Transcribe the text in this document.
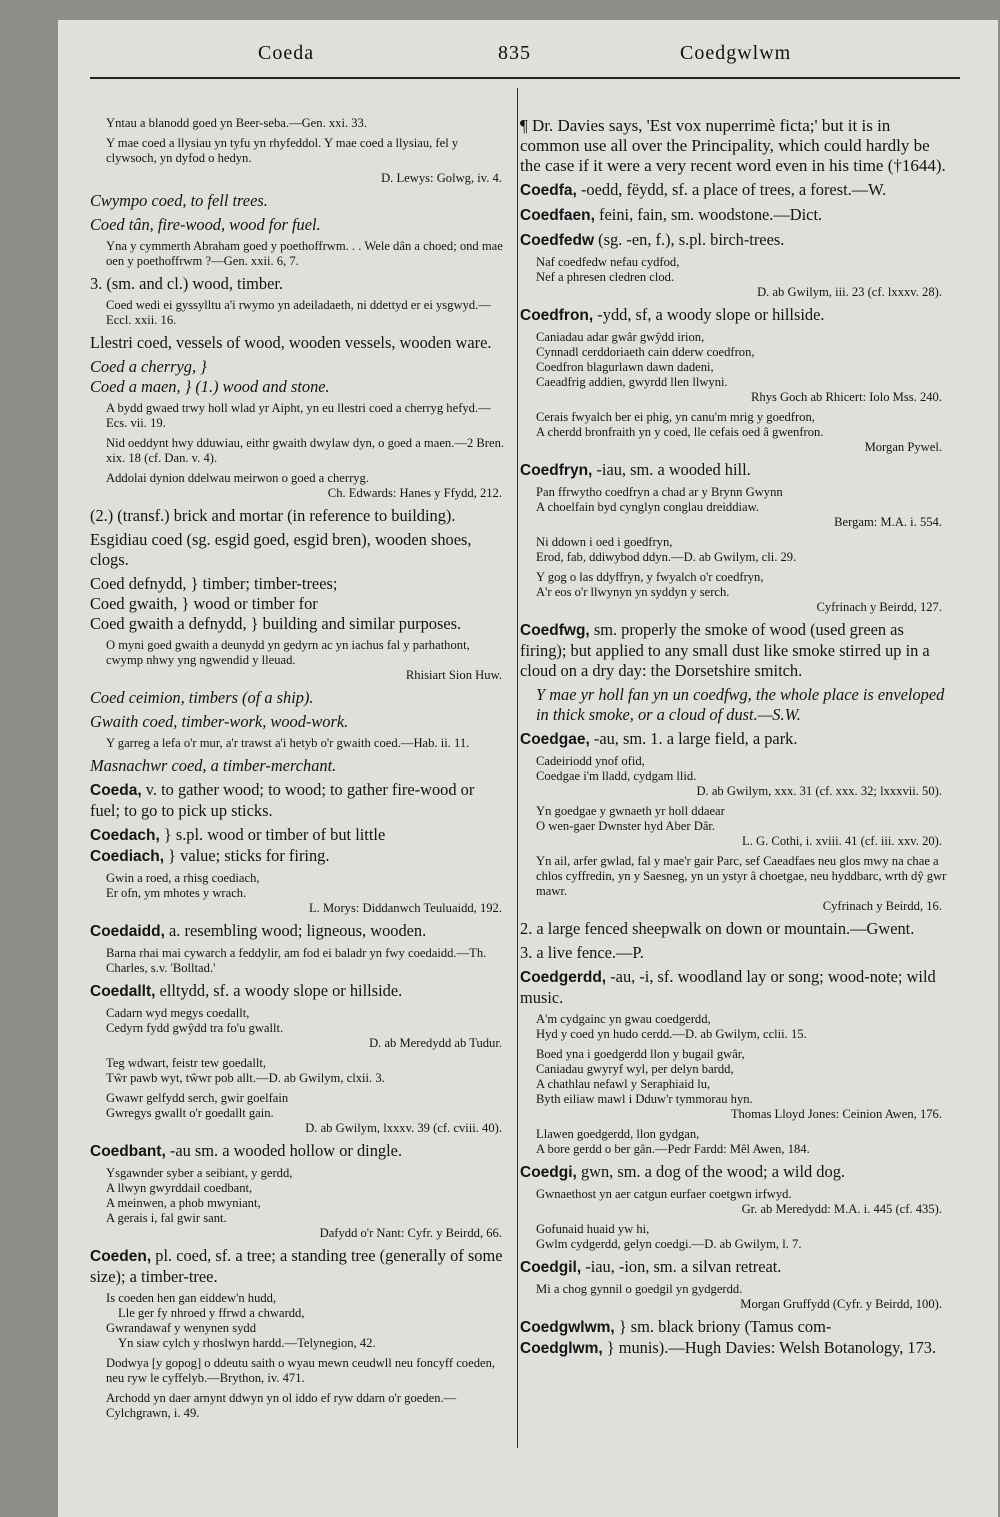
Coeda	835	Coedgwlwm
Yntau a blanodd goed yn Beer-seba.—Gen. xxi. 33.
Y mae coed a llysiau yn tyfu yn rhyfeddol. Y mae coed a llysiau, fel y clywsoch, yn dyfod o hedyn.
D. Lewys: Golwg, iv. 4.
Cwympo coed, to fell trees.
Coed tân, fire-wood, wood for fuel.
Yna y cymmerth Abraham goed y poethoffrwm. . . Wele dân a choed; ond mae oen y poethoffrwm ?—Gen. xxii. 6, 7.
3. (sm. and cl.) wood, timber.
Coed wedi ei gyssylltu a'i rwymo yn adeiladaeth, ni ddettyd er ei ysgwyd.—Eccl. xxii. 16.
Llestri coed, vessels of wood, wooden vessels, wooden ware.
Coed a cherryg, }
Coed a maen, } (1.) wood and stone.
A bydd gwaed trwy holl wlad yr Aipht, yn eu llestri coed a cherryg hefyd.—Ecs. vii. 19.
Nid oeddynt hwy dduwiau, eithr gwaith dwylaw dyn, o goed a maen.—2 Bren. xix. 18 (cf. Dan. v. 4).
Addolai dynion ddelwau meirwon o goed a cherryg.
Ch. Edwards: Hanes y Ffydd, 212.
(2.) (transf.) brick and mortar (in reference to building).
Esgidiau coed (sg. esgid goed, esgid bren), wooden shoes, clogs.
Coed defnydd, } timber; timber-trees;
Coed gwaith, } wood or timber for
Coed gwaith a defnydd, } building and similar purposes.
O myni goed gwaith a deunydd yn gedyrn ac yn iachus fal y parhathont, cwymp nhwy yng ngwendid y lleuad.
Rhisiart Sion Huw.
Coed ceimion, timbers (of a ship).
Gwaith coed, timber-work, wood-work.
Y garreg a lefa o'r mur, a'r trawst a'i hetyb o'r gwaith coed.—Hab. ii. 11.
Masnachwr coed, a timber-merchant.
Coeda, v. to gather wood; to wood; to gather fire-wood or fuel; to go to pick up sticks.
Coedach, } s.pl. wood or timber of but little
Coediach, } value; sticks for firing.
Gwin a roed, a rhisg coediach,
Er ofn, ym mhotes y wrach.
L. Morys: Diddanwch Teuluaidd, 192.
Coedaidd, a. resembling wood; ligneous, wooden.
Barna rhai mai cywarch a feddylir, am fod ei baladr yn fwy coedaidd.—Th. Charles, s.v. 'Bolltad.'
Coedallt, elltydd, sf. a woody slope or hillside.
Cadarn wyd megys coedallt,
Cedyrn fydd gwŷdd tra fo'u gwallt.
D. ab Meredydd ab Tudur.
Teg wdwart, feistr tew goedallt,
Tŵr pawb wyt, tŵwr pob allt.—D. ab Gwilym, clxii. 3.
Gwawr gelfydd serch, gwir goelfain
Gwregys gwallt o'r goedallt gain.
D. ab Gwilym, lxxxv. 39 (cf. cviii. 40).
Coedbant, -au sm. a wooded hollow or dingle.
Ysgawnder syber a seibiant, y gerdd,
A llwyn gwyrddail coedbant,
A meinwen, a phob mwyniant,
A gerais i, fal gwir sant.
Dafydd o'r Nant: Cyfr. y Beirdd, 66.
Coeden, pl. coed, sf. a tree; a standing tree (generally of some size); a timber-tree.
Is coeden hen gan eiddew'n hudd,
Lle ger fy nhroed y ffrwd a chwardd,
Gwrandawaf y wenynen sydd
Yn siaw cylch y rhoslwyn hardd.—Telynegion, 42.
Dodwya [y gopog] o ddeutu saith o wyau mewn ceudwll neu foncyff coeden, neu ryw le cyffelyb.—Brython, iv. 471.
Archodd yn daer arnynt ddwyn yn ol iddo ef ryw ddarn o'r goeden.—Cylchgrawn, i. 49.
¶ Dr. Davies says, 'Est vox nuperrimè ficta;' but it is in common use all over the Principality, which could hardly be the case if it were a very recent word even in his time (†1644).
Coedfa, -oedd, fëydd, sf. a place of trees, a forest.—W.
Coedfaen, feini, fain, sm. woodstone.—Dict.
Coedfedw (sg. -en, f.), s.pl. birch-trees.
Naf coedfedw nefau cydfod,
Nef a phresen cledren clod.
D. ab Gwilym, iii. 23 (cf. lxxxv. 28).
Coedfron, -ydd, sf, a woody slope or hillside.
Caniadau adar gwâr gwŷdd irion,
Cynnadl cerddoriaeth cain dderw coedfron,
Coedfron blagurlawn dawn dadeni,
Caeadfrig addien, gwyrdd llen llwyni.
Rhys Goch ab Rhicert: Iolo Mss. 240.
Cerais fwyalch ber ei phig, yn canu'm mrig y goedfron,
A cherdd bronfraith yn y coed, lle cefais oed â gwenfron.
Morgan Pywel.
Coedfryn, -iau, sm. a wooded hill.
Pan ffrwytho coedfryn a chad ar y Brynn Gwynn
A choelfain byd cynglyn conglau dreiddiaw.
Bergam: M.A. i. 554.
Ni ddown i oed i goedfryn,
Erod, fab, ddiwybod ddyn.—D. ab Gwilym, cli. 29.
Y gog o las ddyffryn, y fwyalch o'r coedfryn,
A'r eos o'r llwynyn yn syddyn y serch.
Cyfrinach y Beirdd, 127.
Coedfwg, sm. properly the smoke of wood (used green as firing); but applied to any small dust like smoke stirred up in a cloud on a dry day: the Dorsetshire smitch.
Y mae yr holl fan yn un coedfwg, the whole place is enveloped in thick smoke, or a cloud of dust.—S.W.
Coedgae, -au, sm. 1. a large field, a park.
Cadeiriodd ynof ofid,
Coedgae i'm lladd, cydgam llid.
D. ab Gwilym, xxx. 31 (cf. xxx. 32; lxxxvii. 50).
Yn goedgae y gwnaeth yr holl ddaear
O wen-gaer Dwnster hyd Aber Dâr.
L. G. Cothi, i. xviii. 41 (cf. iii. xxv. 20).
Yn ail, arfer gwlad, fal y mae'r gair Parc, sef Caeadfaes neu glos mwy na chae a chlos cyffredin, yn y Saesneg, yn un ystyr â choetgae, neu hyddbarc, wrth dŷ gwr mawr.
Cyfrinach y Beirdd, 16.
2. a large fenced sheepwalk on down or mountain.—Gwent.
3. a live fence.—P.
Coedgerdd, -au, -i, sf. woodland lay or song; wood-note; wild music.
A'm cydgainc yn gwau coedgerdd,
Hyd y coed yn hudo cerdd.—D. ab Gwilym, cclii. 15.
Boed yna i goedgerdd llon y bugail gwâr,
Caniadau gwyryf wyl, per delyn bardd,
A chathlau nefawl y Seraphiaid lu,
Byth eiliaw mawl i Dduw'r tymmorau hyn.
Thomas Lloyd Jones: Ceinion Awen, 176.
Llawen goedgerdd, llon gydgan,
A bore gerdd o ber gân.—Pedr Fardd: Mêl Awen, 184.
Coedgi, gwn, sm. a dog of the wood; a wild dog.
Gwnaethost yn aer catgun eurfaer coetgwn irfwyd.
Gr. ab Meredydd: M.A. i. 445 (cf. 435).
Gofunaid huaid yw hi,
Gwlm cydgerdd, gelyn coedgi.—D. ab Gwilym, l. 7.
Coedgil, -iau, -ion, sm. a silvan retreat.
Mi a chog gynnil o goedgil yn gydgerdd.
Morgan Gruffydd (Cyfr. y Beirdd, 100).
Coedgwlwm, } sm. black briony (Tamus com-
Coedglwm, } munis).—Hugh Davies: Welsh Botanology, 173.
